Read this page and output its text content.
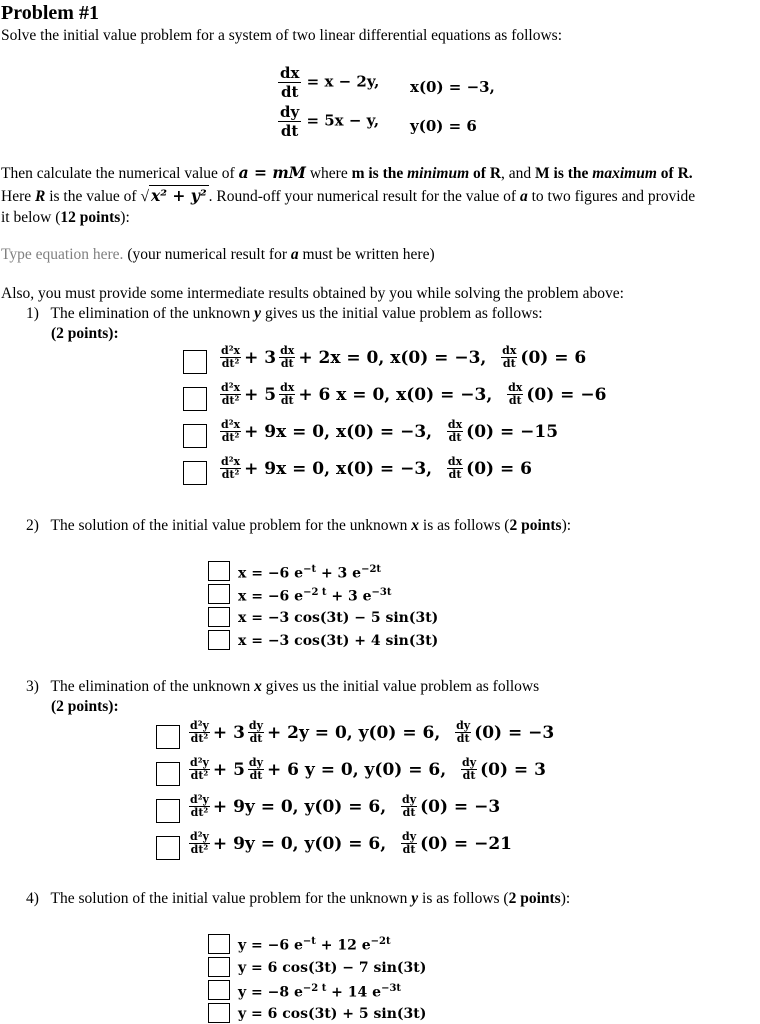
Problem #1
Solve the initial value problem for a system of two linear differential equations as follows:
$\frac{dx}{dt} = x - 2y$, x(0) = −3,
$\frac{dy}{dt} = 5x - y$, y(0) = 6
Then calculate the numerical value of a = mM where m is the minimum of R, and M is the maximum of R.
Here R is the value of √ x² + y² . Round-off your numerical result for the value of a to two figures and provide
it below (12 points):
Type equation here. (your numerical result for a must be written here)
Also, you must provide some intermediate results obtained by you while solving the problem above:
1) The elimination of the unknown y gives us the initial value problem as follows:
(2 points):
$\frac{\text{d²x}}{\text{dt²}} + 3 \frac{dx}{dt} + 2x = 0$, x(0) = −3,
$\frac{dx}{dt} (0) = 6$
$\frac{\text{d²x}}{\text{dt²}} + 5 \frac{dx}{dt} + 6$ x = 0, x(0) = −3,
$\frac{dx}{dt} (0) = -6$
$\frac{\text{d²x}}{\text{dt²}} + 9x = 0$, x(0) = −3,
$\frac{dx}{dt} (0) = -15$
$\frac{\text{d²x}}{\text{dt²}} + 9x = 0$, x(0) = −3,
$\frac{dx}{dt} (0) = 6$
2) The solution of the initial value problem for the unknown x is as follows (2 points):
x = −6 $e^{-t} + 3$ $e^{-2t}$
x = −6 $e^{-2 t} + 3$ $e^{-3t}$
x = −3 cos(3t) − 5 sin(3t)
x = −3 cos(3t) + 4 sin(3t)
3) The elimination of the unknown x gives us the initial value problem as follows
(2 points):
$\frac{\text{d²y}}{\text{dt²}} + 3 \frac{dy}{dt} + 2y = 0$, y(0) = 6,
$\frac{dy}{dt} (0) = -3$
$\frac{\text{d²y}}{\text{dt²}} + 5 \frac{dy}{dt} + 6$ y = 0, y(0) = 6,
$\frac{dy}{dt} (0) = 3$
$\frac{\text{d²y}}{\text{dt²}} + 9y = 0$, y(0) = 6,
$\frac{dy}{dt} (0) = -3$
$\frac{\text{d²y}}{\text{dt²}} + 9y = 0$, y(0) = 6,
$\frac{dy}{dt} (0) = -21$
4) The solution of the initial value problem for the unknown y is as follows (2 points):
y = −6 $e^{-t} + 12$ $e^{-2t}$
y = 6 cos(3t) − 7 sin(3t)
y = −8 $e^{-2 t} + 14$ $e^{-3t}$
y = 6 cos(3t) + 5 sin(3t)
